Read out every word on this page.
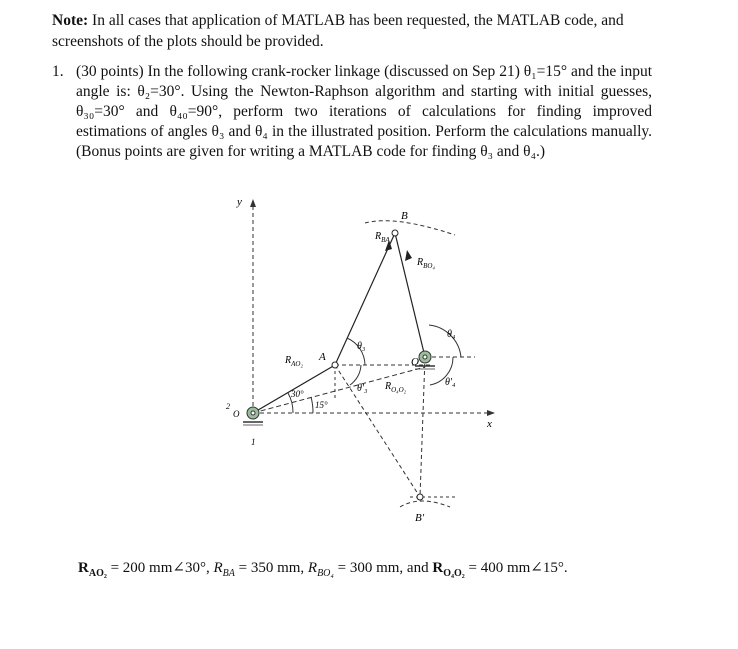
Note: In all cases that application of MATLAB has been requested, the MATLAB code, and screenshots of the plots should be provided.
1. (30 points) In the following crank-rocker linkage (discussed on Sep 21) θ₁=15° and the input angle is: θ₂=30°. Using the Newton-Raphson algorithm and starting with initial guesses, θ₃₀=30° and θ₄₀=90°, perform two iterations of calculations for finding improved estimations of angles θ₃ and θ₄ in the illustrated position. Perform the calculations manually. (Bonus points are given for writing a MATLAB code for finding θ₃ and θ₄.)
y
x
B
B'
A	O
O
θ₃
θ'₃
θ₄
θ'₄
30°
15°
1
2
$R_{BA}$
$R_{BO_4}$
$R_{AO_2}$
$R_{O_4O_2}$
$R_{AO_2} = 200$ mm∠30°, $R_{BA} = 350$ mm, $R_{BO_4} = 300$ mm, and $R_{O_4O_2} = 400$ mm∠15°.
